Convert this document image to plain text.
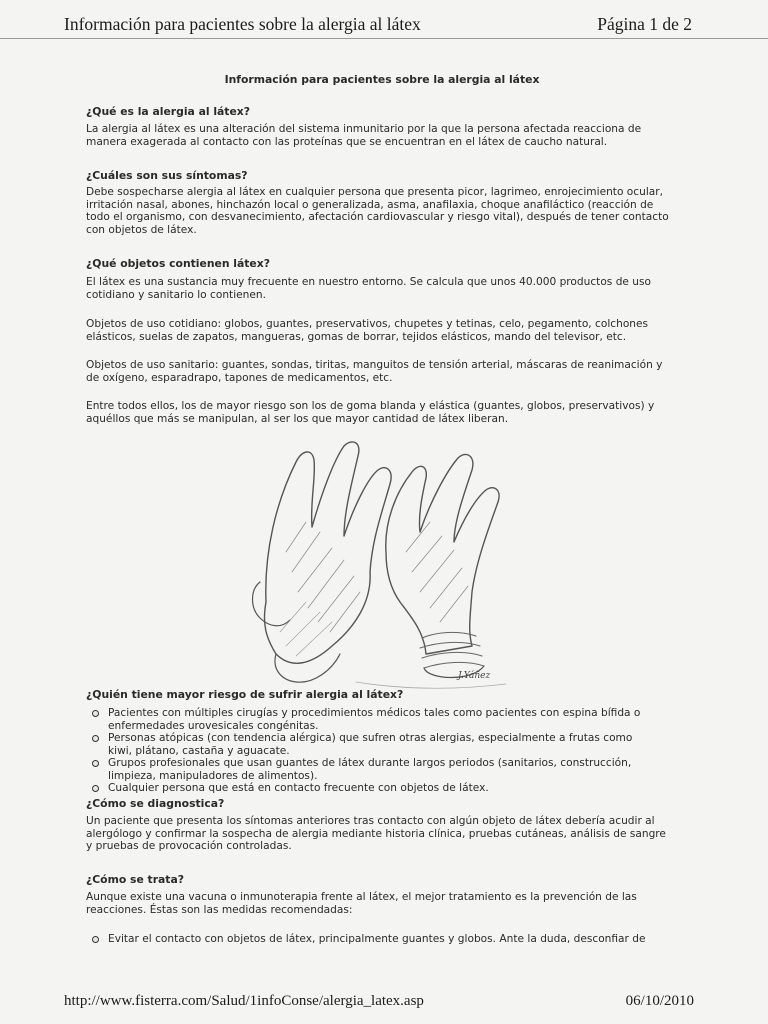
Información para pacientes sobre la alergia al látex	Página 1 de 2
Información para pacientes sobre la alergia al látex
¿Qué es la alergia al látex?
La alergia al látex es una alteración del sistema inmunitario por la que la persona afectada reacciona de
manera exagerada al contacto con las proteínas que se encuentran en el látex de caucho natural.
¿Cuáles son sus síntomas?
Debe sospecharse alergia al látex en cualquier persona que presenta picor, lagrimeo, enrojecimiento ocular,
irritación nasal, abones, hinchazón local o generalizada, asma, anafilaxia, choque anafiláctico (reacción de
todo el organismo, con desvanecimiento, afectación cardiovascular y riesgo vital), después de tener contacto
con objetos de látex.
¿Qué objetos contienen látex?
El látex es una sustancia muy frecuente en nuestro entorno. Se calcula que unos 40.000 productos de uso
cotidiano y sanitario lo contienen.
Objetos de uso cotidiano: globos, guantes, preservativos, chupetes y tetinas, celo, pegamento, colchones
elásticos, suelas de zapatos, mangueras, gomas de borrar, tejidos elásticos, mando del televisor, etc.
Objetos de uso sanitario: guantes, sondas, tiritas, manguitos de tensión arterial, máscaras de reanimación y
de oxígeno, esparadrapo, tapones de medicamentos, etc.
Entre todos ellos, los de mayor riesgo son los de goma blanda y elástica (guantes, globos, preservativos) y
aquéllos que más se manipulan, al ser los que mayor cantidad de látex liberan.
¿Quién tiene mayor riesgo de sufrir alergia al látex?
Pacientes con múltiples cirugías y procedimientos médicos tales como pacientes con espina bífida o
enfermedades urovesicales congénitas.
Personas atópicas (con tendencia alérgica) que sufren otras alergias, especialmente a frutas como
kiwi, plátano, castaña y aguacate.
Grupos profesionales que usan guantes de látex durante largos periodos (sanitarios, construcción,
limpieza, manipuladores de alimentos).
Cualquier persona que está en contacto frecuente con objetos de látex.
¿Cómo se diagnostica?
Un paciente que presenta los síntomas anteriores tras contacto con algún objeto de látex debería acudir al
alergólogo y confirmar la sospecha de alergia mediante historia clínica, pruebas cutáneas, análisis de sangre
y pruebas de provocación controladas.
¿Cómo se trata?
Aunque existe una vacuna o inmunoterapia frente al látex, el mejor tratamiento es la prevención de las
reacciones. Éstas son las medidas recomendadas:
Evitar el contacto con objetos de látex, principalmente guantes y globos. Ante la duda, desconfiar de
J.Yáñez
http://www.fisterra.com/Salud/1infoConse/alergia_latex.asp	06/10/2010
